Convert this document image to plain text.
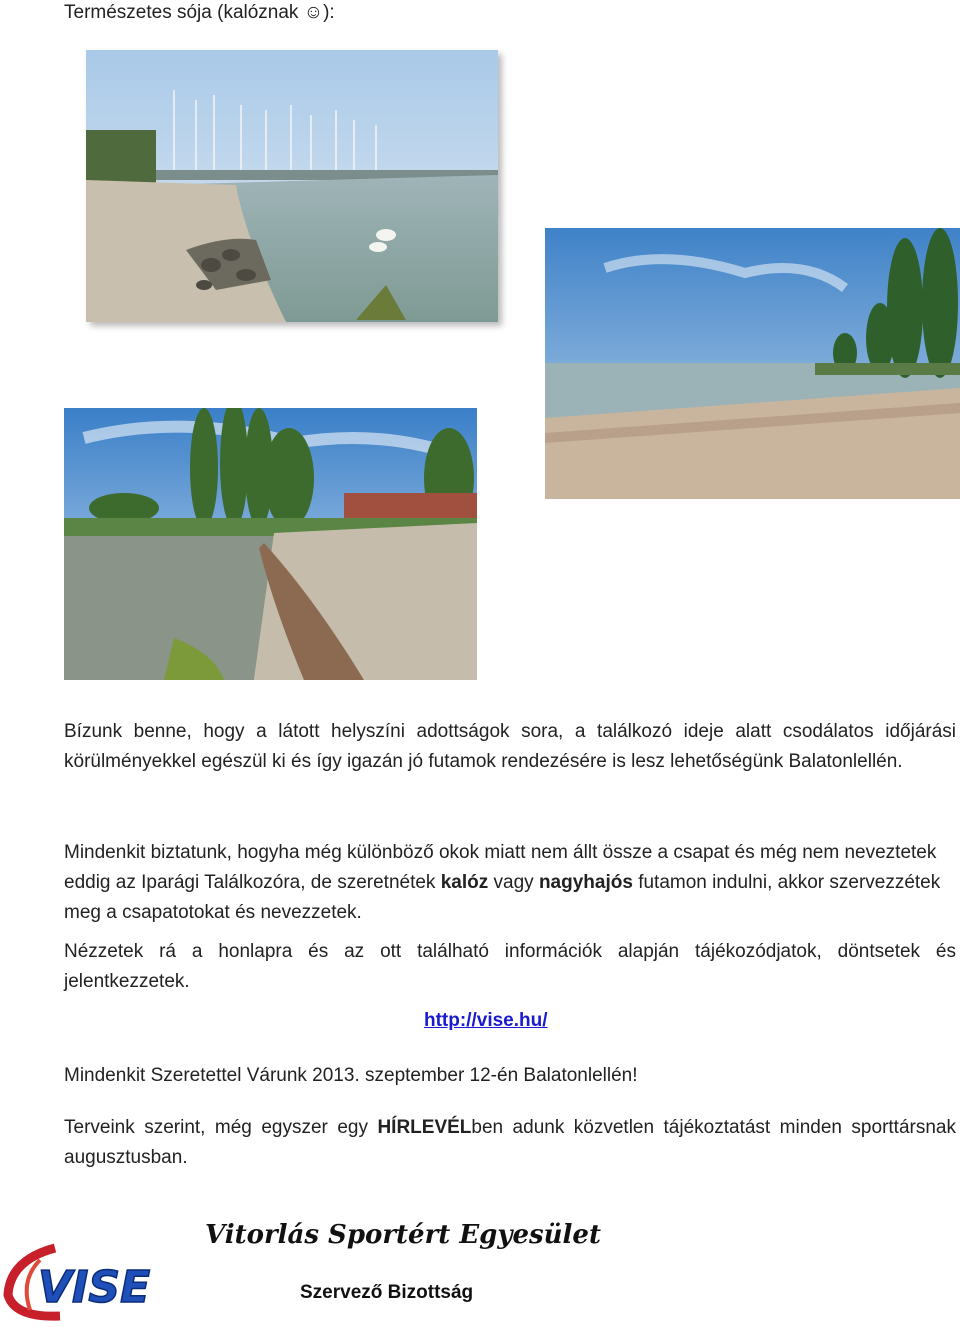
Természetes sója (kalóznak ☺):
Bízunk benne, hogy a látott helyszíni adottságok sora, a találkozó ideje alatt csodálatos időjárási körülményekkel egészül ki és így igazán jó futamok rendezésére is lesz lehetőségünk Balatonlellén.
Mindenkit biztatunk, hogyha még különböző okok miatt nem állt össze a csapat és még nem neveztetek eddig az Iparági Találkozóra, de szeretnétek kalóz vagy nagyhajós futamon indulni, akkor szervezzétek meg a csapatotokat és nevezzetek.
Nézzetek rá a honlapra és az ott található információk alapján tájékozódjatok, döntsetek és jelentkezzetek.
http://vise.hu/
Mindenkit Szeretettel Várunk 2013. szeptember 12-én Balatonlellén!
Terveink szerint, még egyszer egy HÍRLEVÉLben adunk közvetlen tájékoztatást minden sporttársnak augusztusban.
VISE
Vitorlás Sportért Egyesület
Szervező Bizottság
